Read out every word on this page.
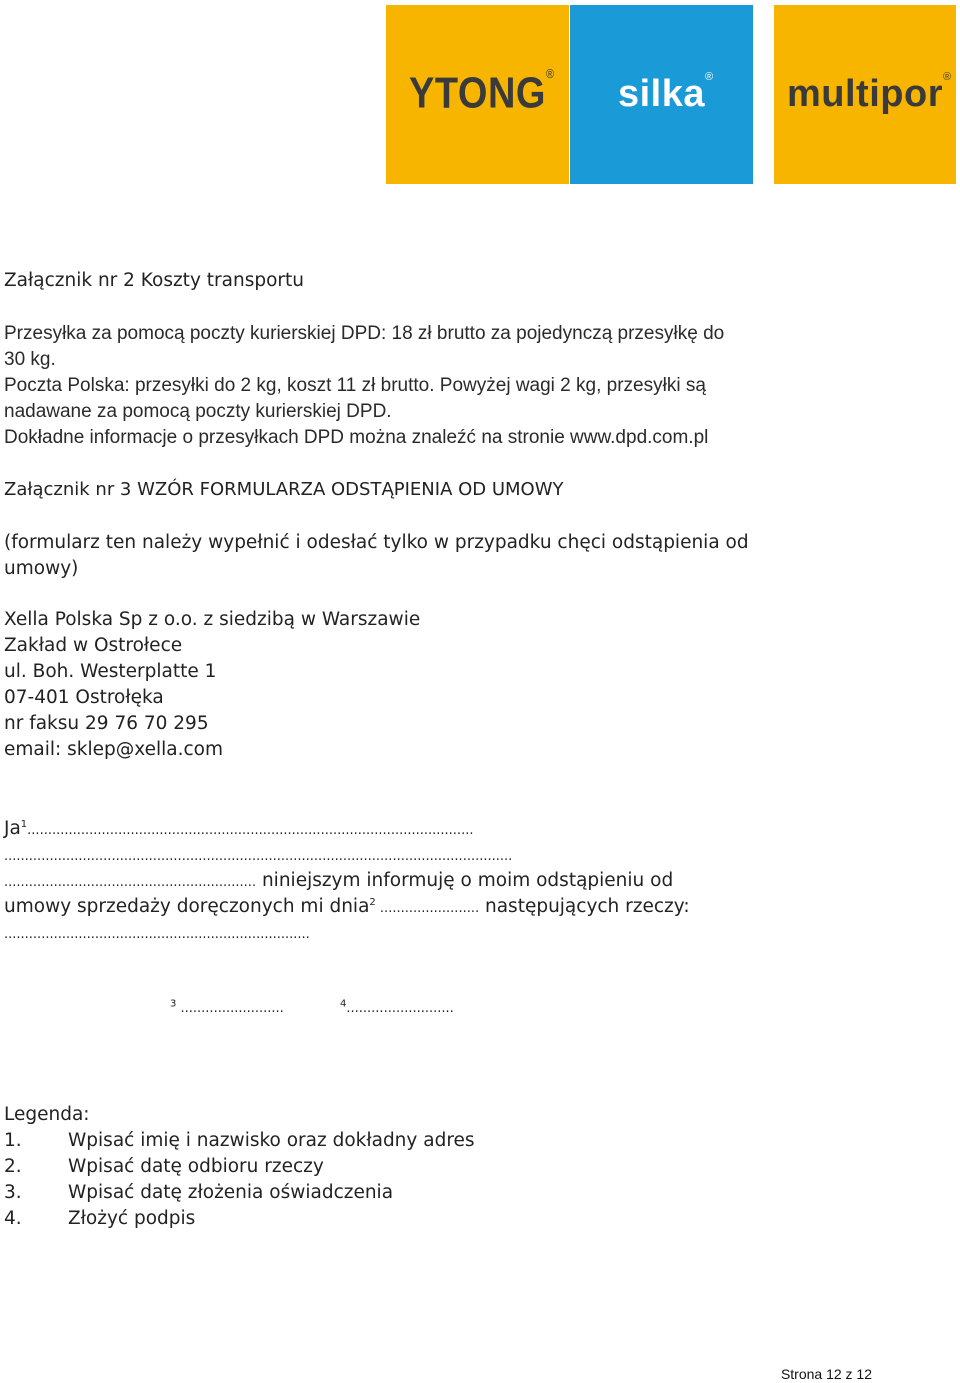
YTONG ® silka ® multipor ®
Załącznik nr 2 Koszty transportu
Przesyłka za pomocą poczty kurierskiej DPD: 18 zł brutto za pojedynczą przesyłkę do
30 kg.
Poczta Polska: przesyłki do 2 kg, koszt 11 zł brutto. Powyżej wagi 2 kg, przesyłki są
nadawane za pomocą poczty kurierskiej DPD.
Dokładne informacje o przesyłkach DPD można znaleźć na stronie www.dpd.com.pl
Załącznik nr 3 WZÓR FORMULARZA ODSTĄPIENIA OD UMOWY
(formularz ten należy wypełnić i odesłać tylko w przypadku chęci odstąpienia od
umowy)
Xella Polska Sp z o.o. z siedzibą w Warszawie
Zakład w Ostrołece
ul. Boh. Westerplatte 1
07-401 Ostrołęka
nr faksu 29 76 70 295
email: sklep@xella.com
Ja$^1$............................................................................................................
...........................................................................................................................
............................................................. niniejszym informuję o moim odstąpieniu od
umowy sprzedaży doręczonych mi dnia$^2$ ........................ następujących rzeczy:
..........................................................................
$^3$ .........................	$^4$..........................
Legenda:
1.	Wpisać imię i nazwisko oraz dokładny adres
2.	Wpisać datę odbioru rzeczy
3.	Wpisać datę złożenia oświadczenia
4.	Złożyć podpis
Strona 12 z 12
